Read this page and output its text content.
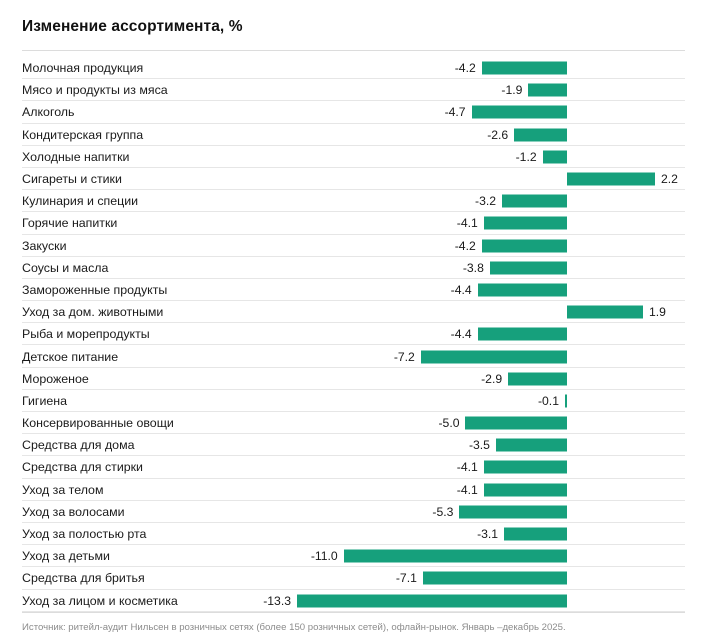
Изменение ассортимента, %
Молочная продукция	-4.2
Мясо и продукты из мяса	-1.9
Алкоголь	-4.7
Кондитерская группа	-2.6
Холодные напитки	-1.2
Сигареты и стики	2.2
Кулинария и специи	-3.2
Горячие напитки	-4.1
Закуски	-4.2
Соусы и масла	-3.8
Замороженные продукты	-4.4
Уход за дом. животными	1.9
Рыба и морепродукты	-4.4
Детское питание	-7.2
Мороженое	-2.9
Гигиена	-0.1
Консервированные овощи	-5.0
Средства для дома	-3.5
Средства для стирки	-4.1
Уход за телом	-4.1
Уход за волосами	-5.3
Уход за полостью рта	-3.1
Уход за детьми	-11.0
Средства для бритья	-7.1
Уход за лицом и косметика	-13.3
Источник: ритейл-аудит Нильсен в розничных сетях (более 150 розничных сетей), офлайн-рынок. Январь –декабрь 2025.
